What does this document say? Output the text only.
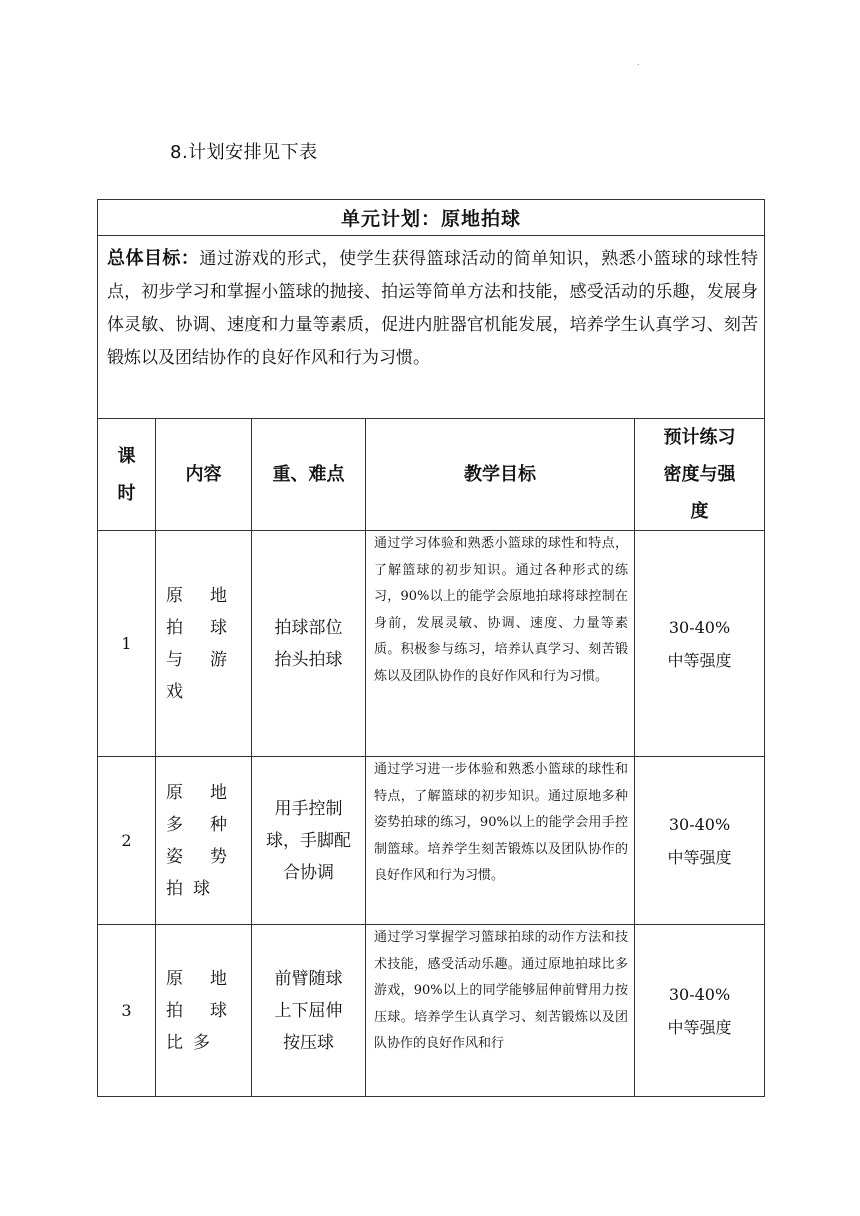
.
8.计划安排见下表
单元计划：原地拍球				
总体目标：通过游戏的形式，使学生获得篮球活动的简单知识，熟悉小篮球的球性特点，初步学习和掌握小篮球的抛接、拍运等简单方法和技能，感受活动的乐趣，发展身体灵敏、协调、速度和力量等素质，促进内脏器官机能发展，培养学生认真学习、刻苦锻炼以及团结协作的良好作风和行为习惯。				

课时	内容	重、难点	教学目标	预计练习密度与强度

1	原地拍球与游戏	拍球部位抬头拍球	通过学习体验和熟悉小篮球的球性和特点，了解篮球的初步知识。通过各种形式的练习，90%以上的能学会原地拍球将球控制在身前，发展灵敏、协调、速度、力量等素质。积极参与练习，培养认真学习、刻苦锻炼以及团队协作的良好作风和行为习惯。	30-40%
中等强度

2	原地多种姿势拍球	用手控制球，手脚配合协调	通过学习进一步体验和熟悉小篮球的球性和特点，了解篮球的初步知识。通过原地多种姿势拍球的练习，90%以上的能学会用手控制篮球。培养学生刻苦锻炼以及团队协作的良好作风和行为习惯。	30-40%
中等强度

3	原地拍球比多	前臂随球上下屈伸按压球	通过学习掌握学习篮球拍球的动作方法和技术技能，感受活动乐趣。通过原地拍球比多游戏，90%以上的同学能够屈伸前臂用力按压球。培养学生认真学习、刻苦锻炼以及团队协作的良好作风和行	30-40%
中等强度
